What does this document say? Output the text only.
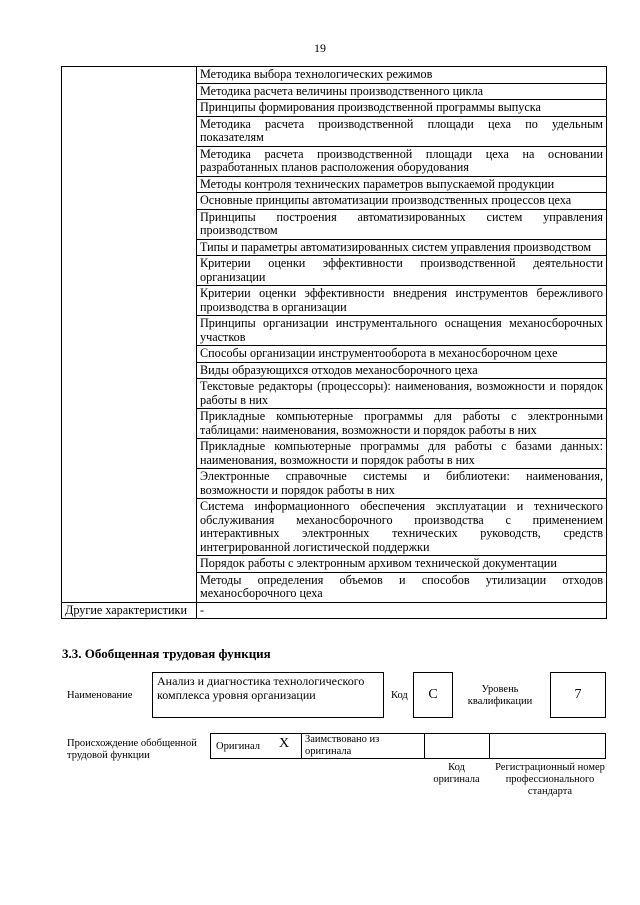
19
	Методика выбора технологических режимов
	Методика расчета величины производственного цикла
	Принципы формирования производственной программы выпуска
	Методика расчета производственной площади цеха по удельным показателям
	Методика расчета производственной площади цеха на основании разработанных планов расположения оборудования
	Методы контроля технических параметров выпускаемой продукции
	Основные принципы автоматизации производственных процессов цеха
	Принципы построения автоматизированных систем управления производством
	Типы и параметры автоматизированных систем управления производством
	Критерии оценки эффективности производственной деятельности организации
	Критерии оценки эффективности внедрения инструментов бережливого производства в организации
	Принципы организации инструментального оснащения механосборочных участков
	Способы организации инструментооборота в механосборочном цехе
	Виды образующихся отходов механосборочного цеха
	Текстовые редакторы (процессоры): наименования, возможности и порядок работы в них
	Прикладные компьютерные программы для работы с электронными таблицами: наименования, возможности и порядок работы в них
	Прикладные компьютерные программы для работы с базами данных: наименования, возможности и порядок работы в них
	Электронные справочные системы и библиотеки: наименования, возможности и порядок работы в них
	Система информационного обеспечения эксплуатации и технического обслуживания механосборочного производства с применением интерактивных электронных технических руководств, средств интегрированной логистической поддержки
	Порядок работы с электронным архивом технической документации
	Методы определения объемов и способов утилизации отходов механосборочного цеха
Другие характеристики	-
3.3. Обобщенная трудовая функция
Наименование
Анализ и диагностика технологического комплекса уровня организации	Код С	Уровень квалификации	7
Происхождение обобщенной трудовой функции
Оригинал Х Заимствовано из оригинала
Код оригинала
Регистрационный номер профессионального стандарта
